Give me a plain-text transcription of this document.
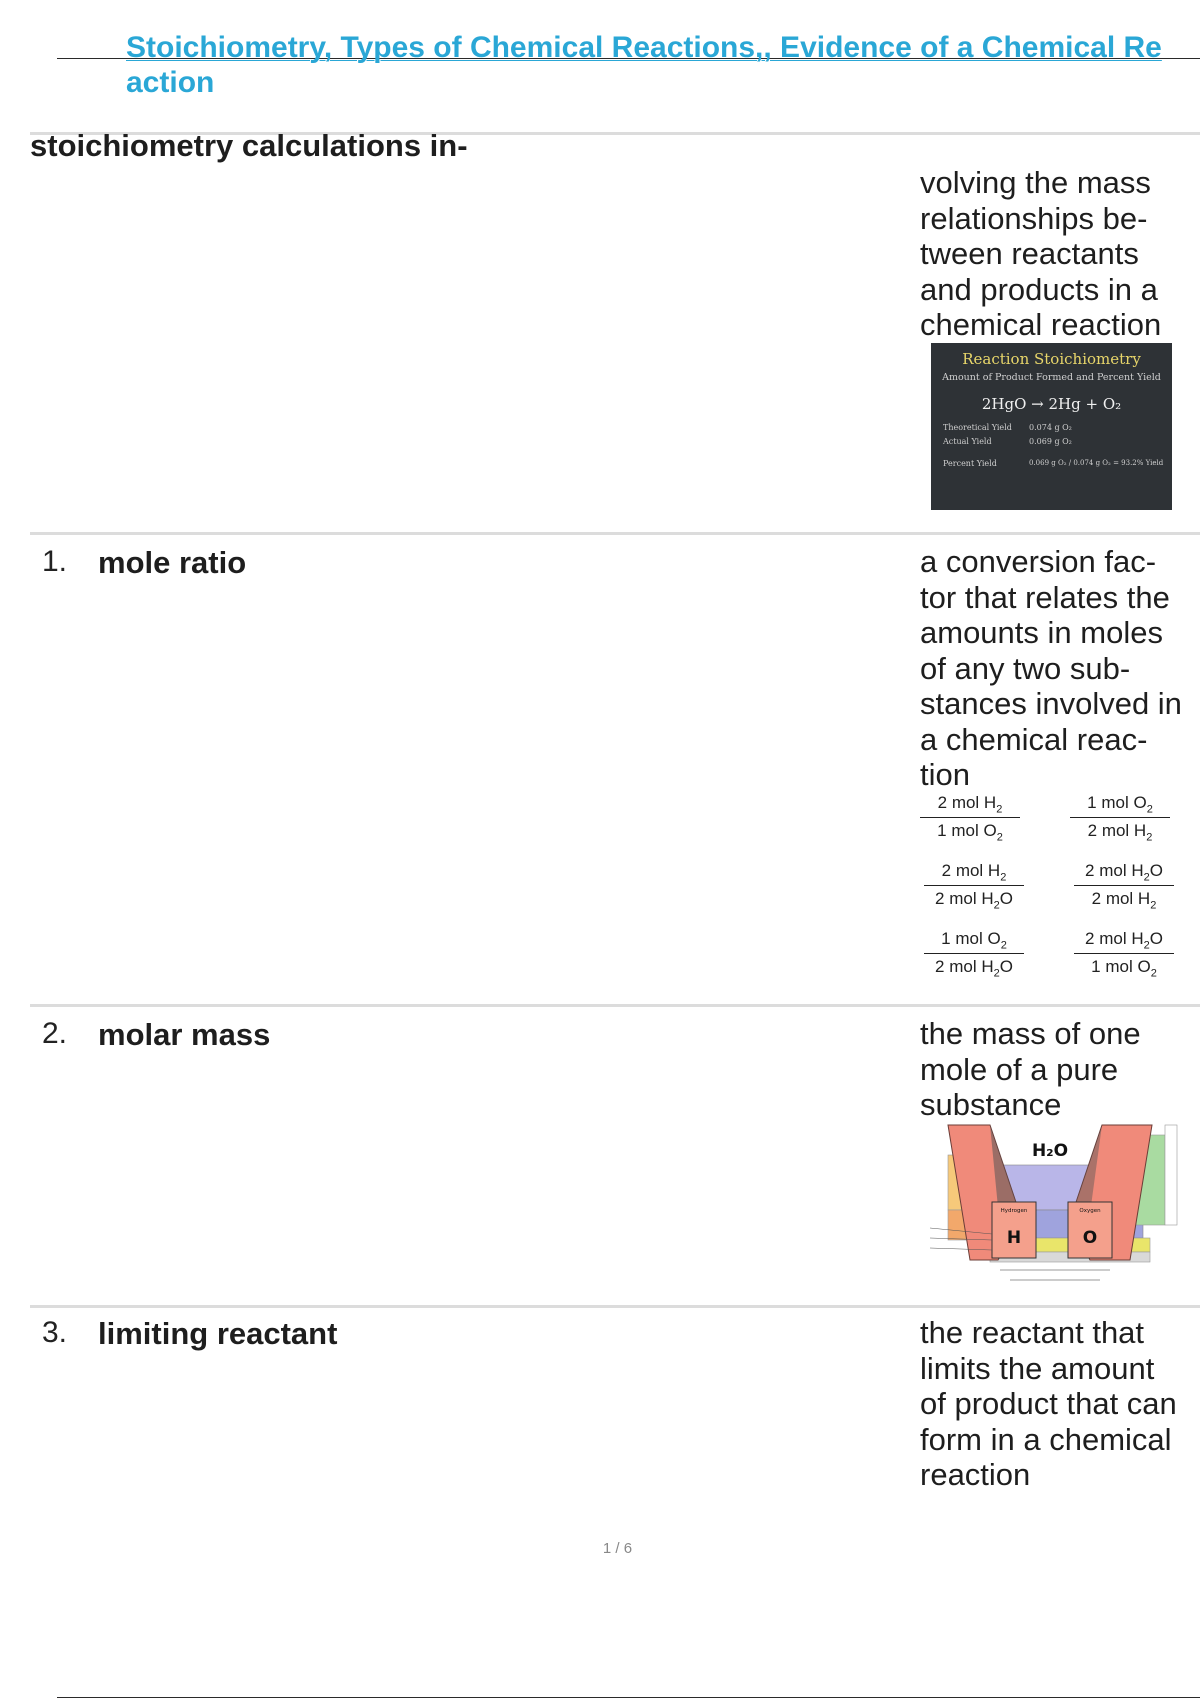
Stoichiometry, Types of Chemical Reactions,, Evidence of a Chemical Re
action
stoichiometry calculations in-
volving the mass
relationships be-
tween reactants
and products in a
chemical reaction
Reaction Stoichiometry
Amount of Product Formed and Percent Yield
2HgO → 2Hg + O₂
Theoretical Yield 0.074 g O₂
Actual Yield	0.069 g O₂
Percent Yield	0.069 g O₂ / 0.074 g O₂ = 93.2% Yield
1. mole ratio	a conversion fac-
tor that relates the
amounts in moles
of any two sub-
stances involved in
a chemical reac-
tion
2 mol $H_2$
1 mol $O_2$
1 mol $O_2$
2 mol $H_2$
2 mol $H_2$
2 mol $H_2O$
2 mol $H_2O$
2 mol $H_2$
1 mol $O_2$
2 mol $H_2O$
2 mol $H_2O$
1 mol $O_2$
2. molar mass	the mass of one
mole of a pure
substance
H₂O
Hydrogen	Oxygen
H	O
3. limiting reactant	the reactant that
limits the amount
of product that can
form in a chemical
reaction
1 / 6
